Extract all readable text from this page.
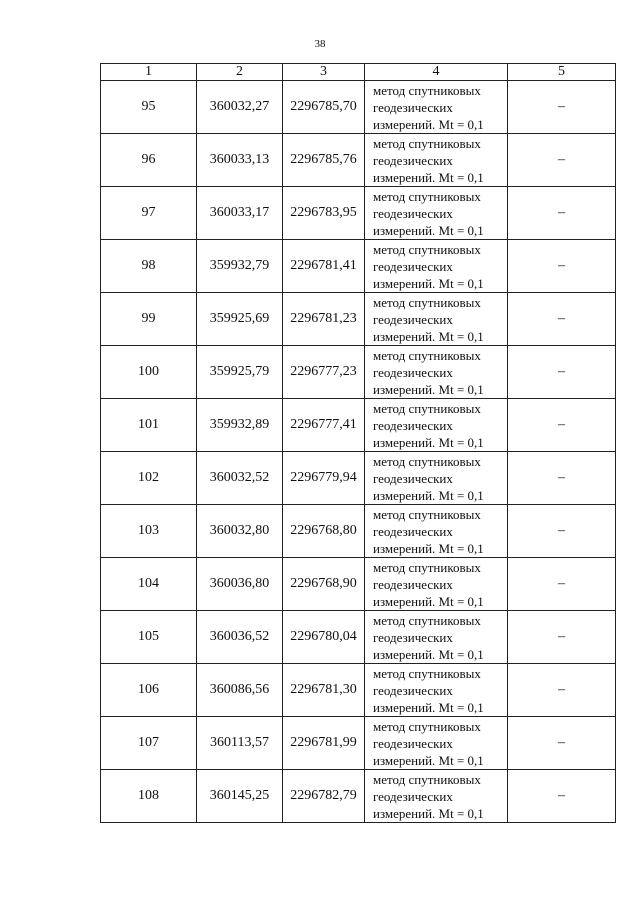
38
1	2	3	4	5
95	360032,27	2296785,70	метод спутниковых
геодезических
измерений. Mt = 0,1	–
96	360033,13	2296785,76	метод спутниковых
геодезических
измерений. Mt = 0,1	–
97	360033,17	2296783,95	метод спутниковых
геодезических
измерений. Mt = 0,1	–
98	359932,79	2296781,41	метод спутниковых
геодезических
измерений. Mt = 0,1	–
99	359925,69	2296781,23	метод спутниковых
геодезических
измерений. Mt = 0,1	–
100	359925,79	2296777,23	метод спутниковых
геодезических
измерений. Mt = 0,1	–
101	359932,89	2296777,41	метод спутниковых
геодезических
измерений. Mt = 0,1	–
102	360032,52	2296779,94	метод спутниковых
геодезических
измерений. Mt = 0,1	–
103	360032,80	2296768,80	метод спутниковых
геодезических
измерений. Mt = 0,1	–
104	360036,80	2296768,90	метод спутниковых
геодезических
измерений. Mt = 0,1	–
105	360036,52	2296780,04	метод спутниковых
геодезических
измерений. Mt = 0,1	–
106	360086,56	2296781,30	метод спутниковых
геодезических
измерений. Mt = 0,1	–
107	360113,57	2296781,99	метод спутниковых
геодезических
измерений. Mt = 0,1	–
108	360145,25	2296782,79	метод спутниковых
геодезических
измерений. Mt = 0,1	–
